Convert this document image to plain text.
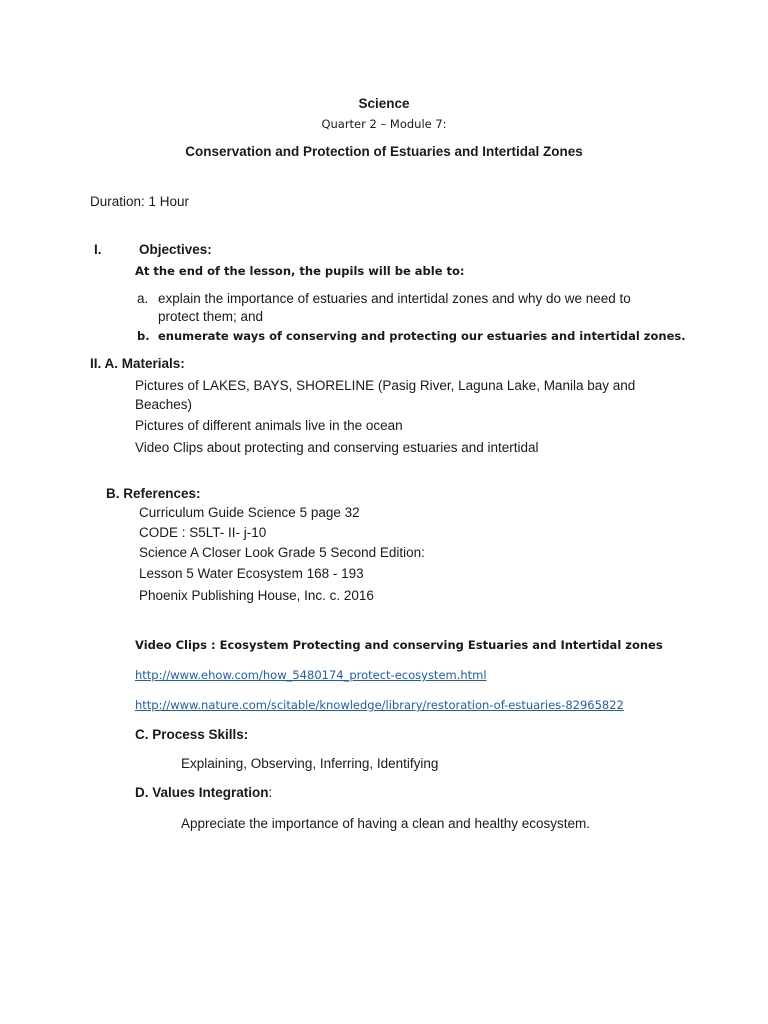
Science
Quarter 2 – Module 7:
Conservation and Protection of Estuaries and Intertidal Zones
Duration: 1 Hour
I.	Objectives:
At the end of the lesson, the pupils will be able to:
a. explain the importance of estuaries and intertidal zones and why do we need to
protect them; and
b. enumerate ways of conserving and protecting our estuaries and intertidal zones.
II. A. Materials:
Pictures of LAKES, BAYS, SHORELINE (Pasig River, Laguna Lake, Manila bay and
Beaches)
Pictures of different animals live in the ocean
Video Clips about protecting and conserving estuaries and intertidal
B. References:
Curriculum Guide Science 5 page 32
CODE : S5LT- II- j-10
Science A Closer Look Grade 5 Second Edition:
Lesson 5 Water Ecosystem 168 - 193
Phoenix Publishing House, Inc. c. 2016
Video Clips : Ecosystem Protecting and conserving Estuaries and Intertidal zones
http://www.ehow.com/how_5480174_protect-ecosystem.html
http://www.nature.com/scitable/knowledge/library/restoration-of-estuaries-82965822
C. Process Skills:
Explaining, Observing, Inferring, Identifying
D. Values Integration:
Appreciate the importance of having a clean and healthy ecosystem.
